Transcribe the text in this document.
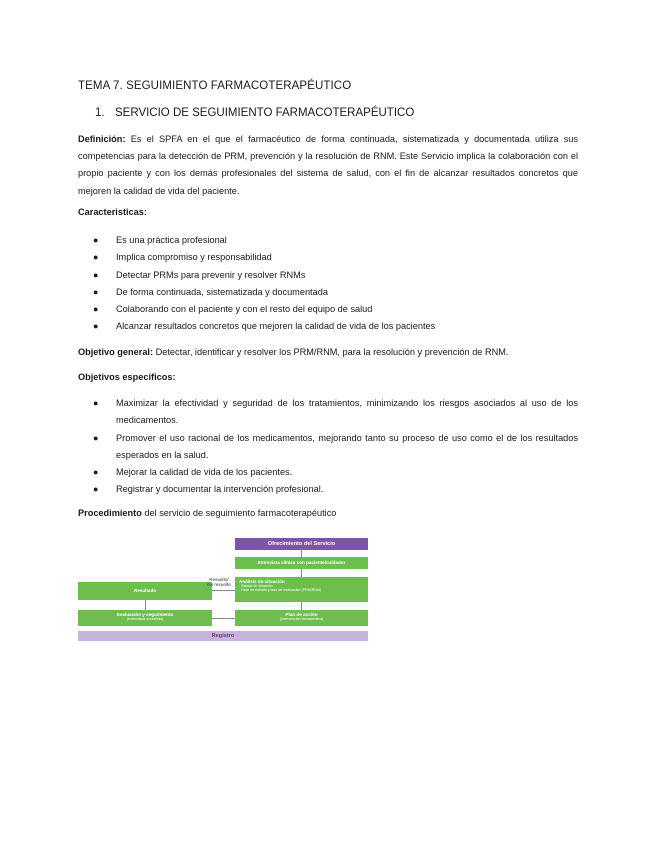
TEMA 7. SEGUIMIENTO FARMACOTERAPÉUTICO
1. SERVICIO DE SEGUIMIENTO FARMACOTERAPÉUTICO
Definición: Es el SPFA en el que el farmacéutico de forma continuada, sistematizada y documentada utiliza sus competencias para la detección de PRM, prevención y la resolución de RNM. Este Servicio implica la colaboración con el propio paciente y con los demás profesionales del sistema de salud, con el fin de alcanzar resultados concretos que mejoren la calidad de vida del paciente.
Caracteristicas:
● Es una práctica profesional
● Implica compromiso y responsabilidad
● Detectar PRMs para prevenir y resolver RNMs
● De forma continuada, sistematizada y documentada
● Colaborando con el paciente y con el resto del equipo de salud
● Alcanzar resultados concretos que mejoren la calidad de vida de los pacientes
Objetivo general: Detectar, identificar y resolver los PRM/RNM, para la resolución y prevención de RNM.
Objetivos específicos:
● Maximizar la efectividad y seguridad de los tratamientos, minimizando los riesgos asociados al uso de los medicamentos.
● Promover el uso racional de los medicamentos, mejorando tanto su proceso de uso como el de los resultados esperados en la salud.
● Mejorar la calidad de vida de los pacientes.
● Registrar y documentar la intervención profesional.
Procedimiento del servicio de seguimiento farmacoterapéutico
Ofrecimiento del Servicio
Entrevista clínica con paciente/cuidador
Análisis de situación
- Estado de situación
- Fase de estudio y fase de evaluación (PRM/RNM)
Resultado
Resuelto/
No resuelto
Plan de acción
(Intervención farmacéutica)
Evaluación y seguimiento
(entrevistas sucesivas)
Registro
